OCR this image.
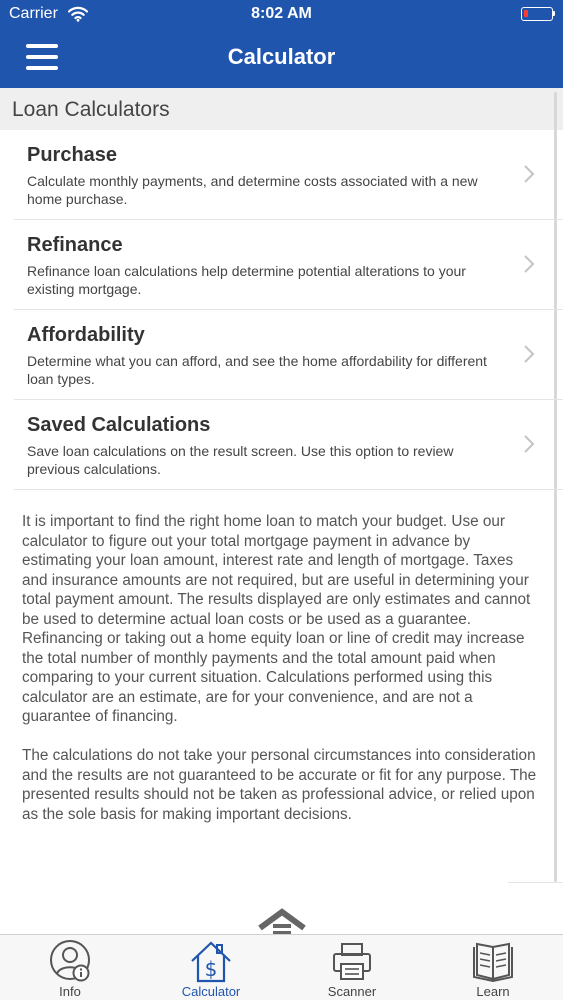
Carrier	8:02 AM
Calculator
Loan Calculators
Purchase
Calculate monthly payments, and determine costs associated with a new home purchase.
Refinance
Refinance loan calculations help determine potential alterations to your existing mortgage.
Affordability
Determine what you can afford, and see the home affordability for different loan types.
Saved Calculations
Save loan calculations on the result screen. Use this option to review previous calculations.

It is important to find the right home loan to match your budget. Use our calculator to figure out your total mortgage payment in advance by estimating your loan amount, interest rate and length of mortgage. Taxes and insurance amounts are not required, but are useful in determining your total payment amount. The results displayed are only estimates and cannot be used to determine actual loan costs or be used as a guarantee. Refinancing or taking out a home equity loan or line of credit may increase the total number of monthly payments and the total amount paid when comparing to your current situation. Calculations performed using this calculator are an estimate, are for your convenience, and are not a guarantee of financing.

The calculations do not take your personal circumstances into consideration and the results are not guaranteed to be accurate or fit for any purpose. The presented results should not be taken as professional advice, or relied upon as the sole basis for making important decisions.

Info
$
Calculator	Scanner	Learn
